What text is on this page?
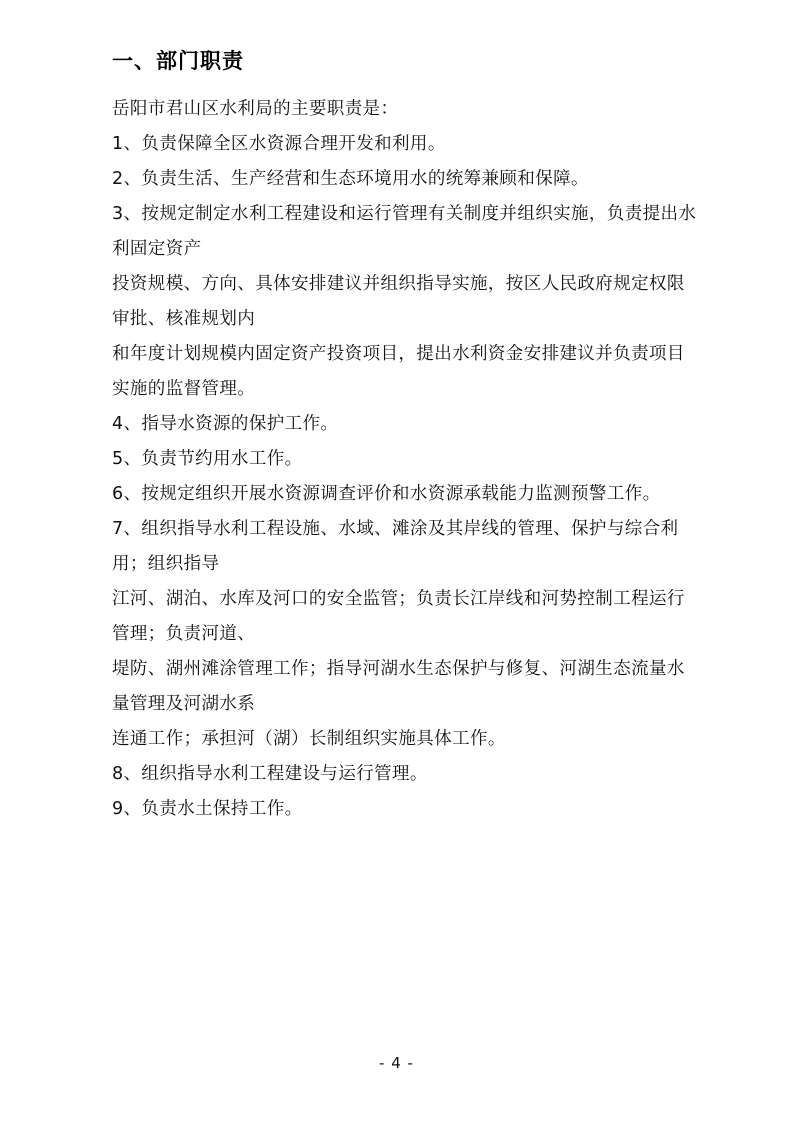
一、部门职责

岳阳市君山区水利局的主要职责是：

1、负责保障全区水资源合理开发和利用。

2、负责生活、生产经营和生态环境用水的统筹兼顾和保障。

3、按规定制定水利工程建设和运行管理有关制度并组织实施，负责提出水利固定资产

投资规模、方向、具体安排建议并组织指导实施，按区人民政府规定权限审批、核准规划内

和年度计划规模内固定资产投资项目，提出水利资金安排建议并负责项目实施的监督管理。

4、指导水资源的保护工作。

5、负责节约用水工作。

6、按规定组织开展水资源调查评价和水资源承载能力监测预警工作。

7、组织指导水利工程设施、水域、滩涂及其岸线的管理、保护与综合利用；组织指导

江河、湖泊、水库及河口的安全监管；负责长江岸线和河势控制工程运行管理；负责河道、

堤防、湖州滩涂管理工作；指导河湖水生态保护与修复、河湖生态流量水量管理及河湖水系

连通工作；承担河（湖）长制组织实施具体工作。

8、组织指导水利工程建设与运行管理。

9、负责水土保持工作。

- 4 -
